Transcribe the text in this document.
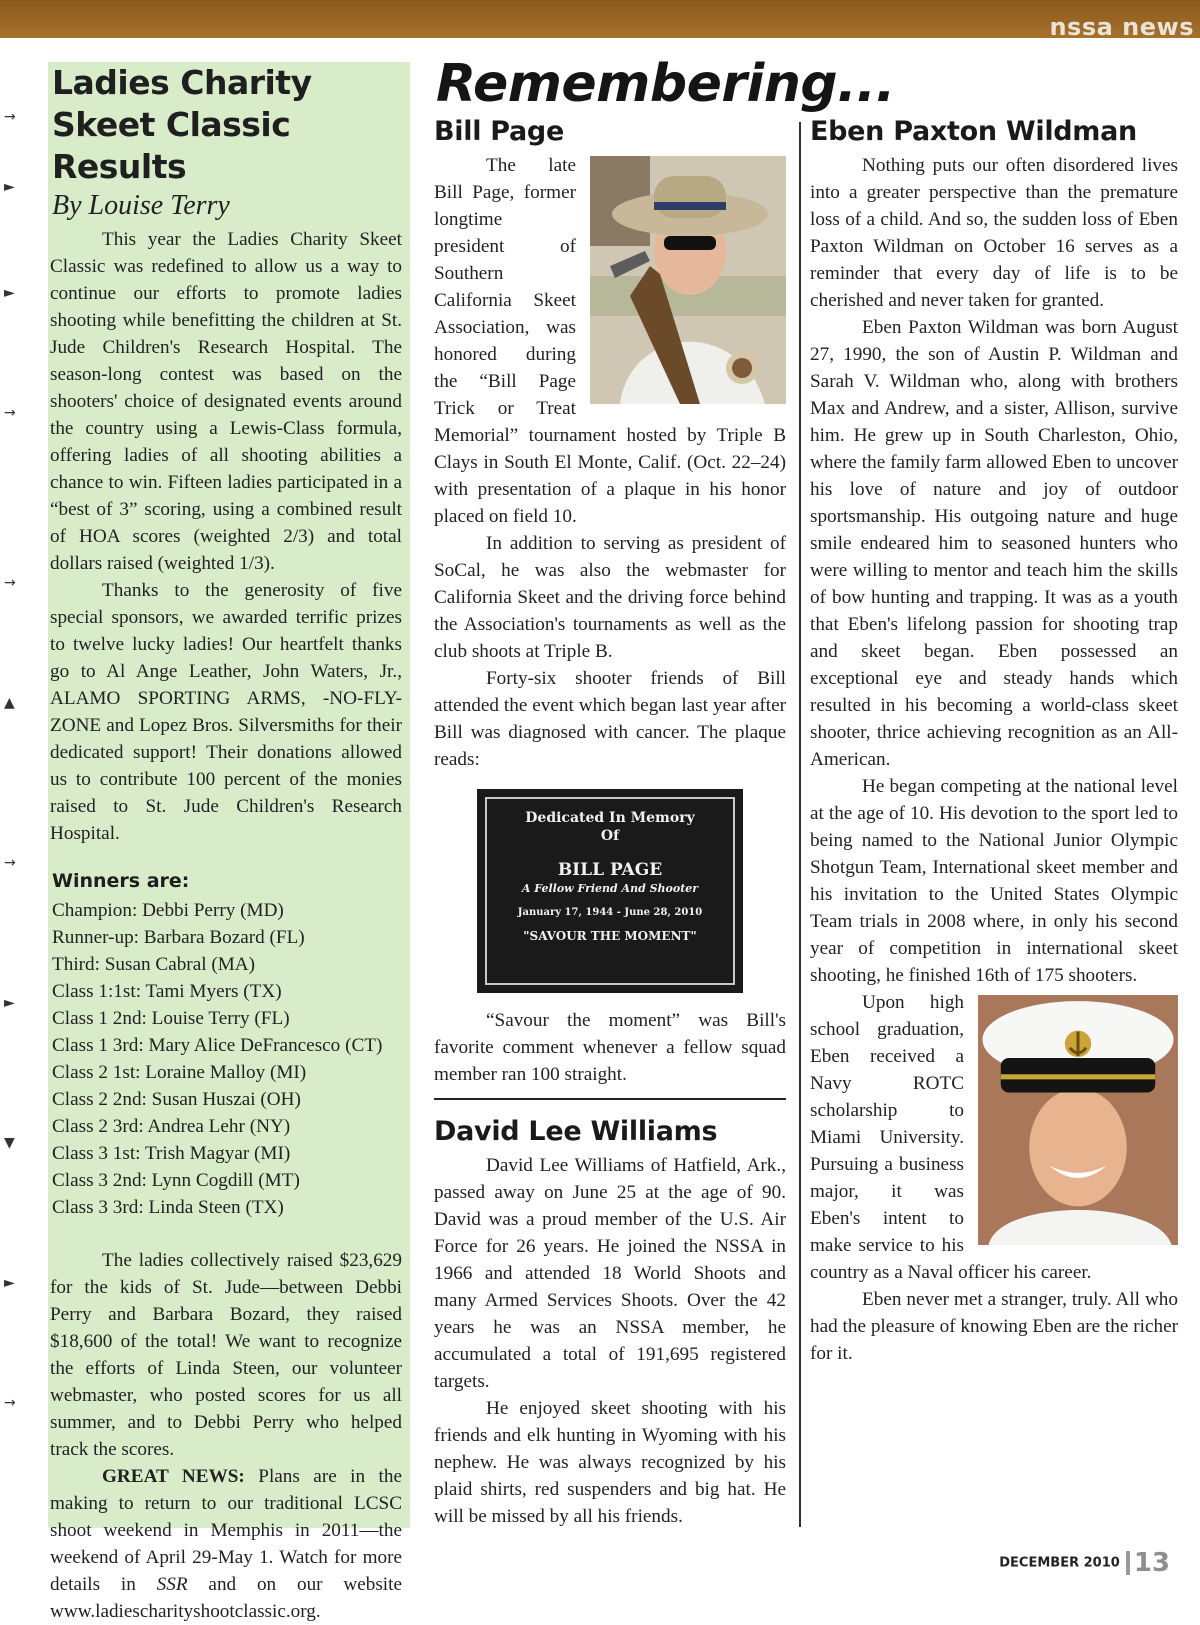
nssa news
→
►
►
→
→
▲
→
►
▼
►
→
Ladies Charity Skeet Classic Results
By Louise Terry

This year the Ladies Charity Skeet Classic was redefined to allow us a way to continue our efforts to promote ladies shooting while benefitting the children at St. Jude Children's Research Hospital. The season-long contest was based on the shooters' choice of designated events around the country using a Lewis-Class formula, offering ladies of all shooting abilities a chance to win. Fifteen ladies participated in a “best of 3” scoring, using a combined result of HOA scores (weighted 2/3) and total dollars raised (weighted 1/3).

Thanks to the generosity of five special sponsors, we awarded terrific prizes to twelve lucky ladies! Our heartfelt thanks go to Al Ange Leather, John Waters, Jr., ALAMO SPORTING ARMS, -NO-FLY-ZONE and Lopez Bros. Silversmiths for their dedicated support! Their donations allowed us to contribute 100 percent of the monies raised to St. Jude Children's Research Hospital.

Winners are:
Champion: Debbi Perry (MD)
Runner-up: Barbara Bozard (FL)
Third: Susan Cabral (MA)
Class 1:1st: Tami Myers (TX)
Class 1 2nd: Louise Terry (FL)
Class 1 3rd: Mary Alice DeFrancesco (CT)
Class 2 1st: Loraine Malloy (MI)
Class 2 2nd: Susan Huszai (OH)
Class 2 3rd: Andrea Lehr (NY)
Class 3 1st: Trish Magyar (MI)
Class 3 2nd: Lynn Cogdill (MT)
Class 3 3rd: Linda Steen (TX)

The ladies collectively raised $23,629 for the kids of St. Jude—between Debbi Perry and Barbara Bozard, they raised $18,600 of the total! We want to recognize the efforts of Linda Steen, our volunteer webmaster, who posted scores for us all summer, and to Debbi Perry who helped track the scores.

GREAT NEWS: Plans are in the making to return to our traditional LCSC shoot weekend in Memphis in 2011—the weekend of April 29-May 1. Watch for more details in SSR and on our website www.ladiescharityshootclassic.org.

Remembering...
Bill Page

The late Bill Page, former longtime president of Southern California Skeet Association, was honored during the “Bill Page Trick or Treat Memorial” tournament hosted by Triple B Clays in South El Monte, Calif. (Oct. 22–24) with presentation of a plaque in his honor placed on field 10.

In addition to serving as president of SoCal, he was also the webmaster for California Skeet and the driving force behind the Association's tournaments as well as the club shoots at Triple B.

Forty-six shooter friends of Bill attended the event which began last year after Bill was diagnosed with cancer. The plaque reads:

Dedicated In Memory
Of
BILL PAGE
A Fellow Friend And Shooter
January 17, 1944 - June 28, 2010
"SAVOUR THE MOMENT"

“Savour the moment” was Bill's favorite comment whenever a fellow squad member ran 100 straight.

David Lee Williams

David Lee Williams of Hatfield, Ark., passed away on June 25 at the age of 90. David was a proud member of the U.S. Air Force for 26 years. He joined the NSSA in 1966 and attended 18 World Shoots and many Armed Services Shoots. Over the 42 years he was an NSSA member, he accumulated a total of 191,695 registered targets.

He enjoyed skeet shooting with his friends and elk hunting in Wyoming with his nephew. He was always recognized by his plaid shirts, red suspenders and big hat. He will be missed by all his friends.

Eben Paxton Wildman

Nothing puts our often disordered lives into a greater perspective than the premature loss of a child. And so, the sudden loss of Eben Paxton Wildman on October 16 serves as a reminder that every day of life is to be cherished and never taken for granted.

Eben Paxton Wildman was born August 27, 1990, the son of Austin P. Wildman and Sarah V. Wildman who, along with brothers Max and Andrew, and a sister, Allison, survive him. He grew up in South Charleston, Ohio, where the family farm allowed Eben to uncover his love of nature and joy of outdoor sportsmanship. His outgoing nature and huge smile endeared him to seasoned hunters who were willing to mentor and teach him the skills of bow hunting and trapping. It was as a youth that Eben's lifelong passion for shooting trap and skeet began. Eben possessed an exceptional eye and steady hands which resulted in his becoming a world-class skeet shooter, thrice achieving recognition as an All-American.

He began competing at the national level at the age of 10. His devotion to the sport led to being named to the National Junior Olympic Shotgun Team, International skeet member and his invitation to the United States Olympic Team trials in 2008 where, in only his second year of competition in international skeet shooting, he finished 16th of 175 shooters.

Upon high school graduation, Eben received a Navy ROTC scholarship to Miami University. Pursuing a business major, it was Eben's intent to make service to his country as a Naval officer his career.

Eben never met a stranger, truly. All who had the pleasure of knowing Eben are the richer for it.

DECEMBER 2010 13
